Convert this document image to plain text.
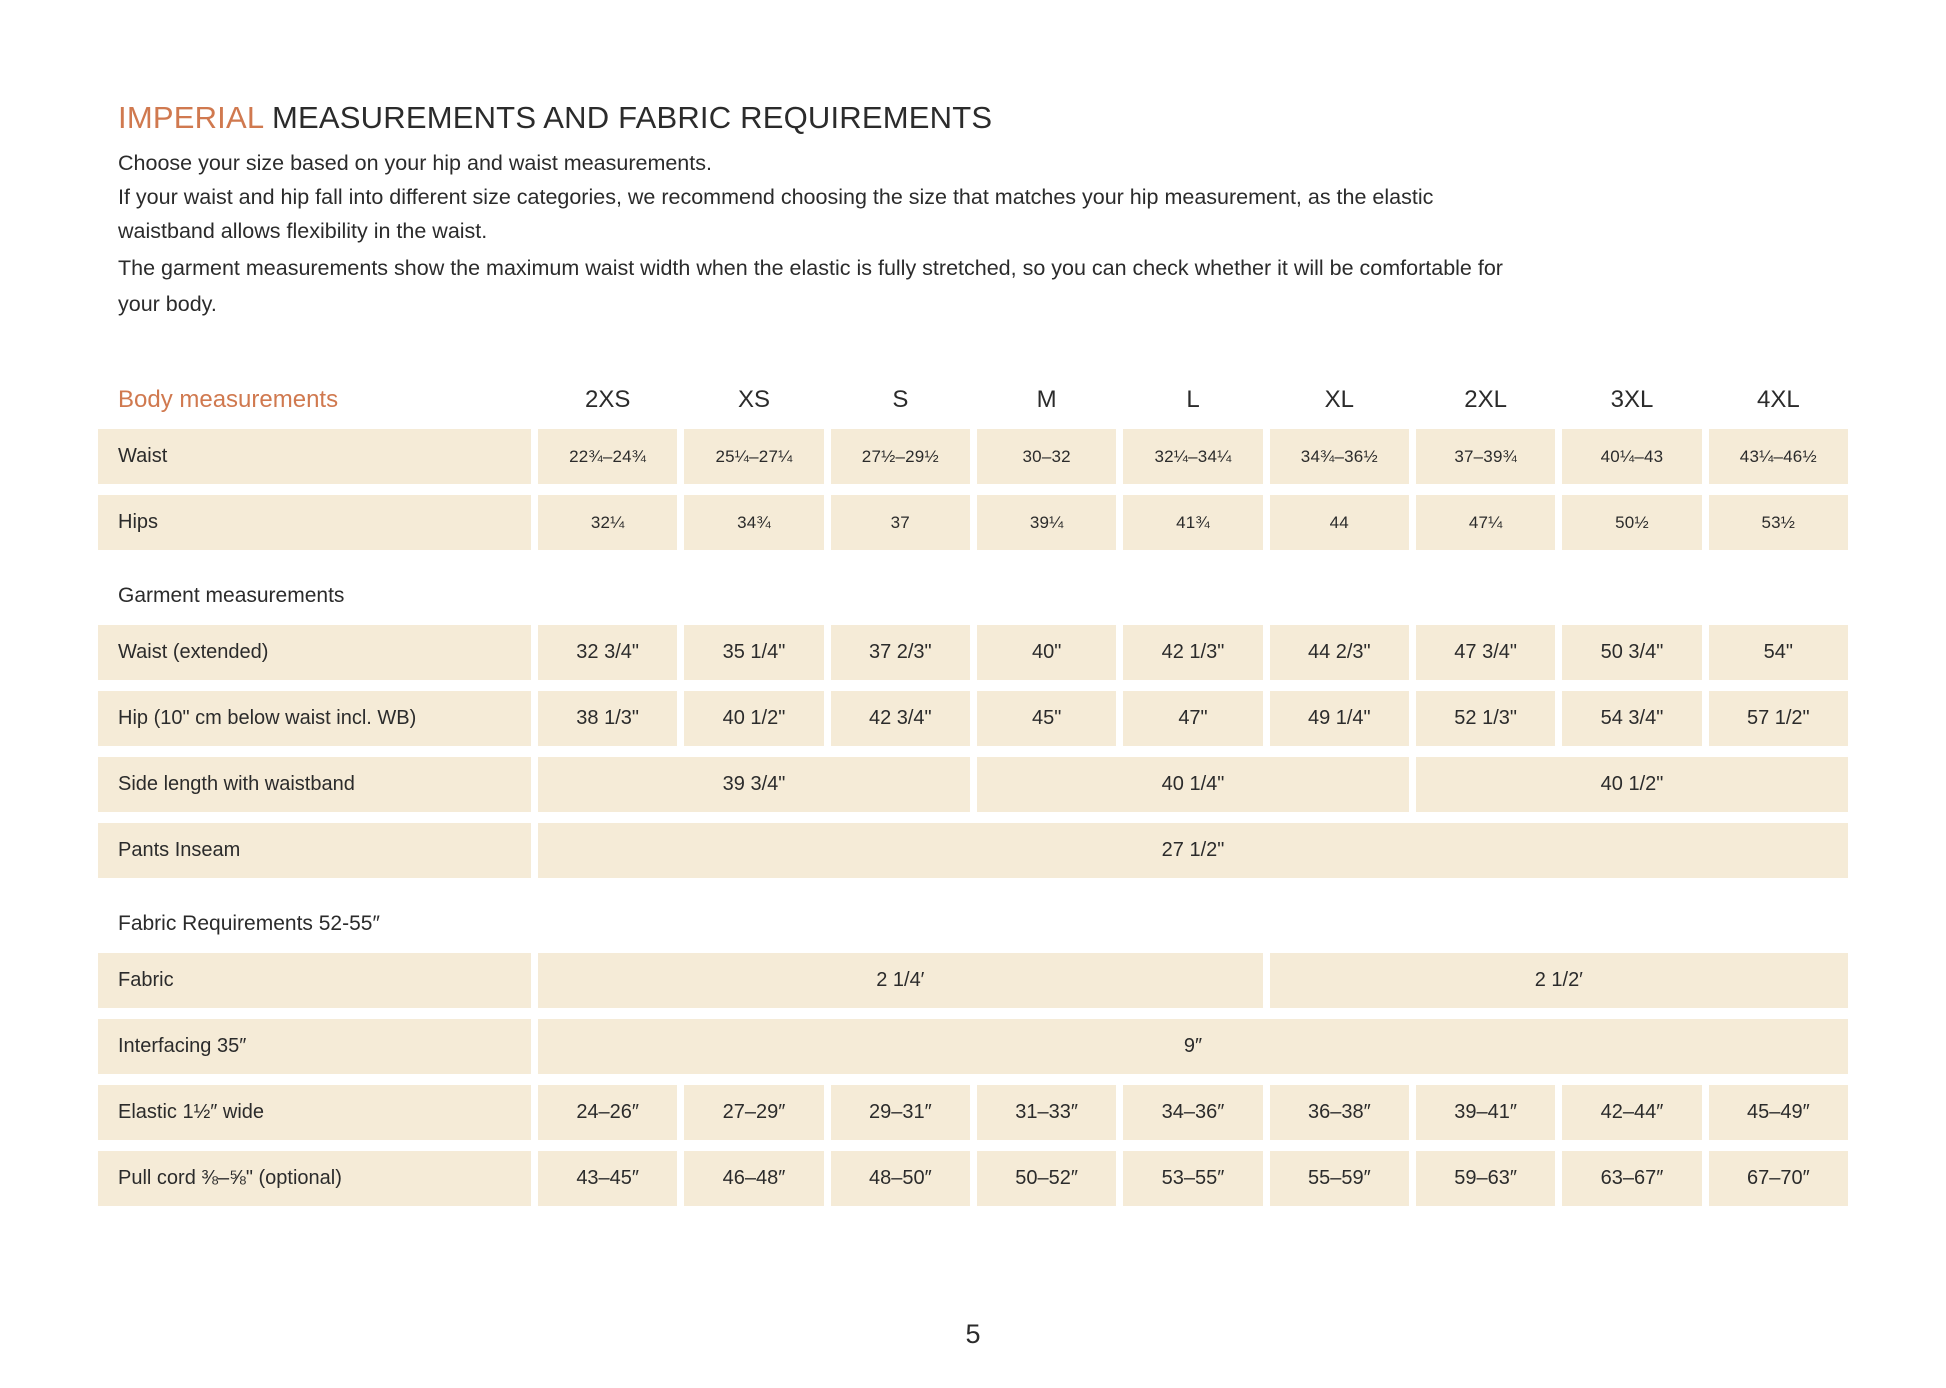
IMPERIAL MEASUREMENTS AND FABRIC REQUIREMENTS

Choose your size based on your hip and waist measurements.

If your waist and hip fall into different size categories, we recommend choosing the size that matches your hip measurement, as the elastic waistband allows flexibility in the waist.

The garment measurements show the maximum waist width when the elastic is fully stretched, so you can check whether it will be comfortable for your body.

Body measurements	2XS	XS	S	M	L	XL	2XL	3XL	4XL
Waist	22¾–24¾	25¼–27¼	27½–29½	30–32	32¼–34¼	34¾–36½	37–39¾	40¼–43	43¼–46½
Hips	32¼	34¾	37	39¼	41¾	44	47¼	50½	53½
Garment measurements
Waist (extended)	32 3/4"	35 1/4"	37 2/3"	40"	42 1/3"	44 2/3"	47 3/4"	50 3/4"	54"
Hip (10" cm below waist incl. WB)	38 1/3"	40 1/2"	42 3/4"	45"	47"	49 1/4"	52 1/3"	54 3/4"	57 1/2"
Side length with waistband	39 3/4"	40 1/4"	40 1/2"
Pants Inseam	27 1/2"
Fabric Requirements 52-55″
Fabric	2 1/4′	2 1/2′
Interfacing 35″	9″
Elastic 1½″ wide	24–26″	27–29″	29–31″	31–33″	34–36″	36–38″	39–41″	42–44″	45–49″
Pull cord ⅜–⅝" (optional)	43–45″	46–48″	48–50″	50–52″	53–55″	55–59″	59–63″	63–67″	67–70″
5
